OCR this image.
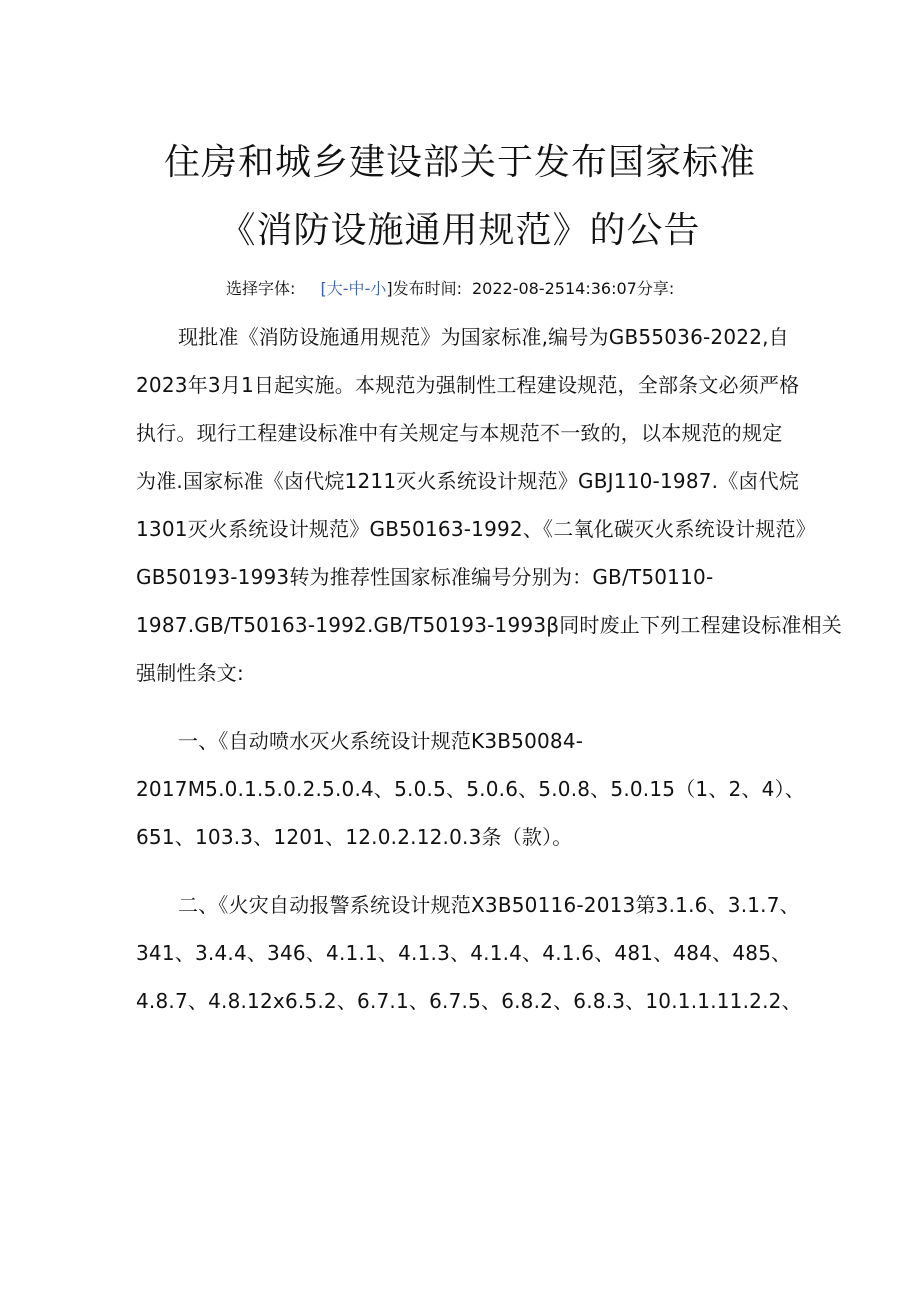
住房和城乡建设部关于发布国家标准
《消防设施通用规范》的公告
选择字体: [大-中-小]发布时间: 2022-08-2514:36:07分享:
现批准《消防设施通用规范》为国家标准,编号为GB55036-2022,自
2023年3月1日起实施。本规范为强制性工程建设规范，全部条文必须严格
执行。现行工程建设标准中有关规定与本规范不一致的，以本规范的规定
为准.国家标准《卤代烷1211灭火系统设计规范》GBJ110-1987.《卤代烷
1301灭火系统设计规范》GB50163-1992、《二氧化碳灭火系统设计规范》
GB50193-1993转为推荐性国家标准编号分别为：GB/T50110-
1987.GB/T50163-1992.GB/T50193-1993β同时废止下列工程建设标准相关
强制性条文:
一、《自动喷水灭火系统设计规范K3B50084-
2017M5.0.1.5.0.2.5.0.4、5.0.5、5.0.6、5.0.8、5.0.15（1、2、4）、
651、103.3、1201、12.0.2.12.0.3条（款）。
二、《火灾自动报警系统设计规范X3B50116-2013第3.1.6、3.1.7、
341、3.4.4、346、4.1.1、4.1.3、4.1.4、4.1.6、481、484、485、
4.8.7、4.8.12x6.5.2、6.7.1、6.7.5、6.8.2、6.8.3、10.1.1.11.2.2、
